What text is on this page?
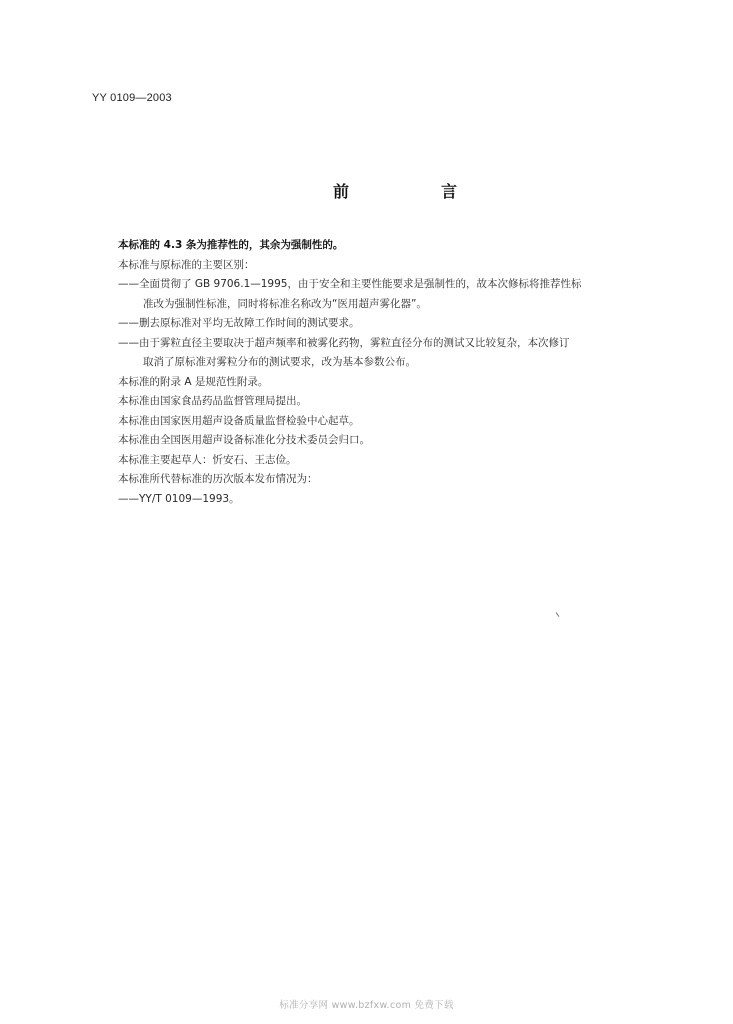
YY 0109—2003
前　言

本标准的 4.3 条为推荐性的，其余为强制性的。

本标准与原标准的主要区别：

——全面贯彻了 GB 9706.1—1995，由于安全和主要性能要求是强制性的，故本次修标将推荐性标
准改为强制性标准，同时将标准名称改为“医用超声雾化器”。

——删去原标准对平均无故障工作时间的测试要求。

——由于雾粒直径主要取决于超声频率和被雾化药物，雾粒直径分布的测试又比较复杂，本次修订
取消了原标准对雾粒分布的测试要求，改为基本参数公布。

本标准的附录 A 是规范性附录。

本标准由国家食品药品监督管理局提出。

本标准由国家医用超声设备质量监督检验中心起草。

本标准由全国医用超声设备标准化分技术委员会归口。

本标准主要起草人：忻安石、王志俭。

本标准所代替标准的历次版本发布情况为：

——YY/T 0109—1993。

标准分享网 www.bzfxw.com 免费下载
